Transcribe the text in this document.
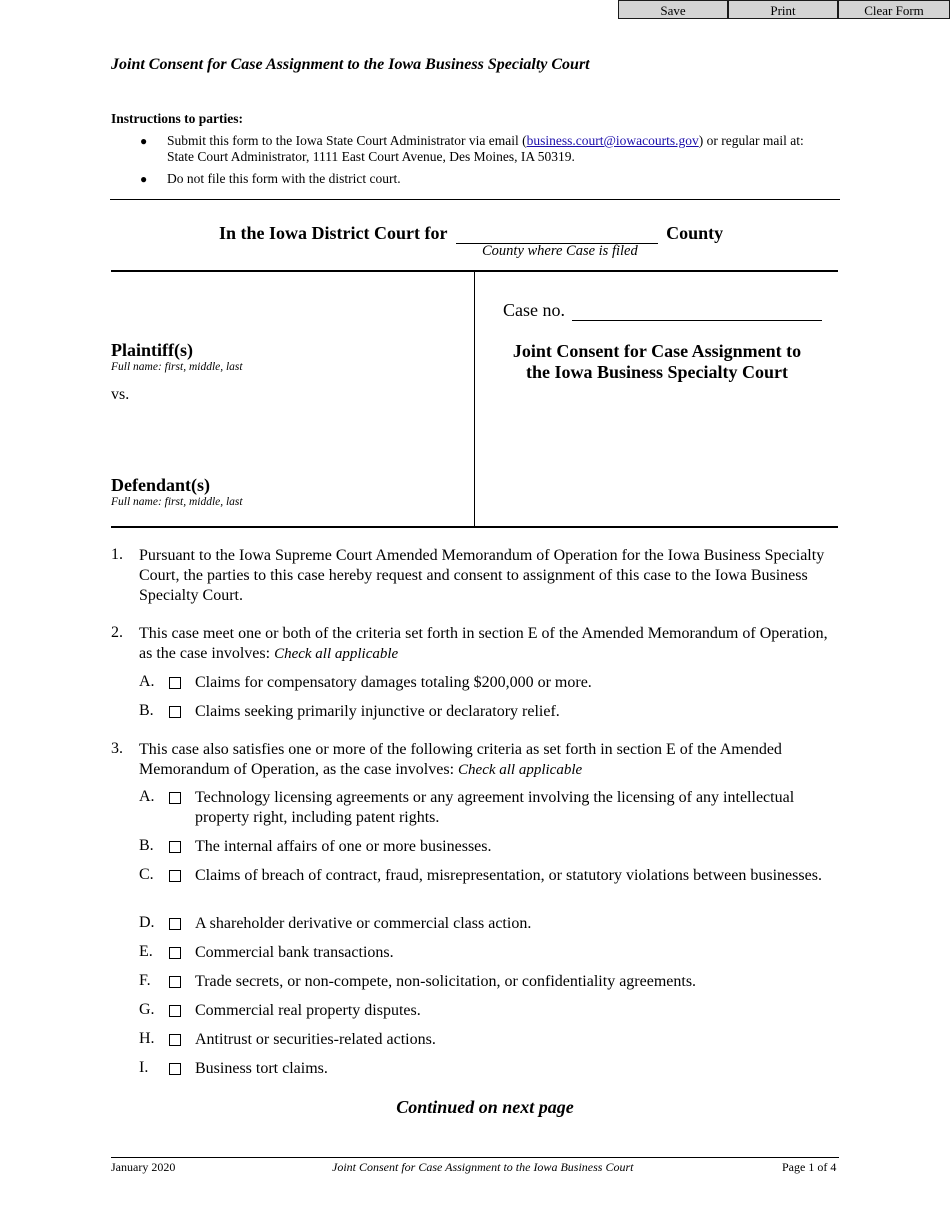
Save	Print	Clear Form
Joint Consent for Case Assignment to the Iowa Business Specialty Court
Instructions to parties:
● Submit this form to the Iowa State Court Administrator via email (business.court@iowacourts.gov) or regular mail at:
State Court Administrator, 1111 East Court Avenue, Des Moines, IA 50319.
● Do not file this form with the district court.
In the Iowa District Court for	County
County where Case is filed
Plaintiff(s)
Full name: first, middle, last
vs.
Defendant(s)
Full name: first, middle, last
Case no.
Joint Consent for Case Assignment to
the Iowa Business Specialty Court
1. Pursuant to the Iowa Supreme Court Amended Memorandum of Operation for the Iowa Business Specialty Court, the parties to this case hereby request and consent to assignment of this case to the Iowa Business Specialty Court.
2. This case meet one or both of the criteria set forth in section E of the Amended Memorandum of Operation, as the case involves: Check all applicable
A.	Claims for compensatory damages totaling $200,000 or more.
B.	Claims seeking primarily injunctive or declaratory relief.
3. This case also satisfies one or more of the following criteria as set forth in section E of the Amended Memorandum of Operation, as the case involves: Check all applicable
A.	Technology licensing agreements or any agreement involving the licensing of any intellectual property right, including patent rights.
B.	The internal affairs of one or more businesses.
C.	Claims of breach of contract, fraud, misrepresentation, or statutory violations between businesses.
D.	A shareholder derivative or commercial class action.
E.	Commercial bank transactions.
F.	Trade secrets, or non-compete, non-solicitation, or confidentiality agreements.
G.	Commercial real property disputes.
H.	Antitrust or securities-related actions.
I.	Business tort claims.
Continued on next page
January 2020	Joint Consent for Case Assignment to the Iowa Business Court	Page 1 of 4
